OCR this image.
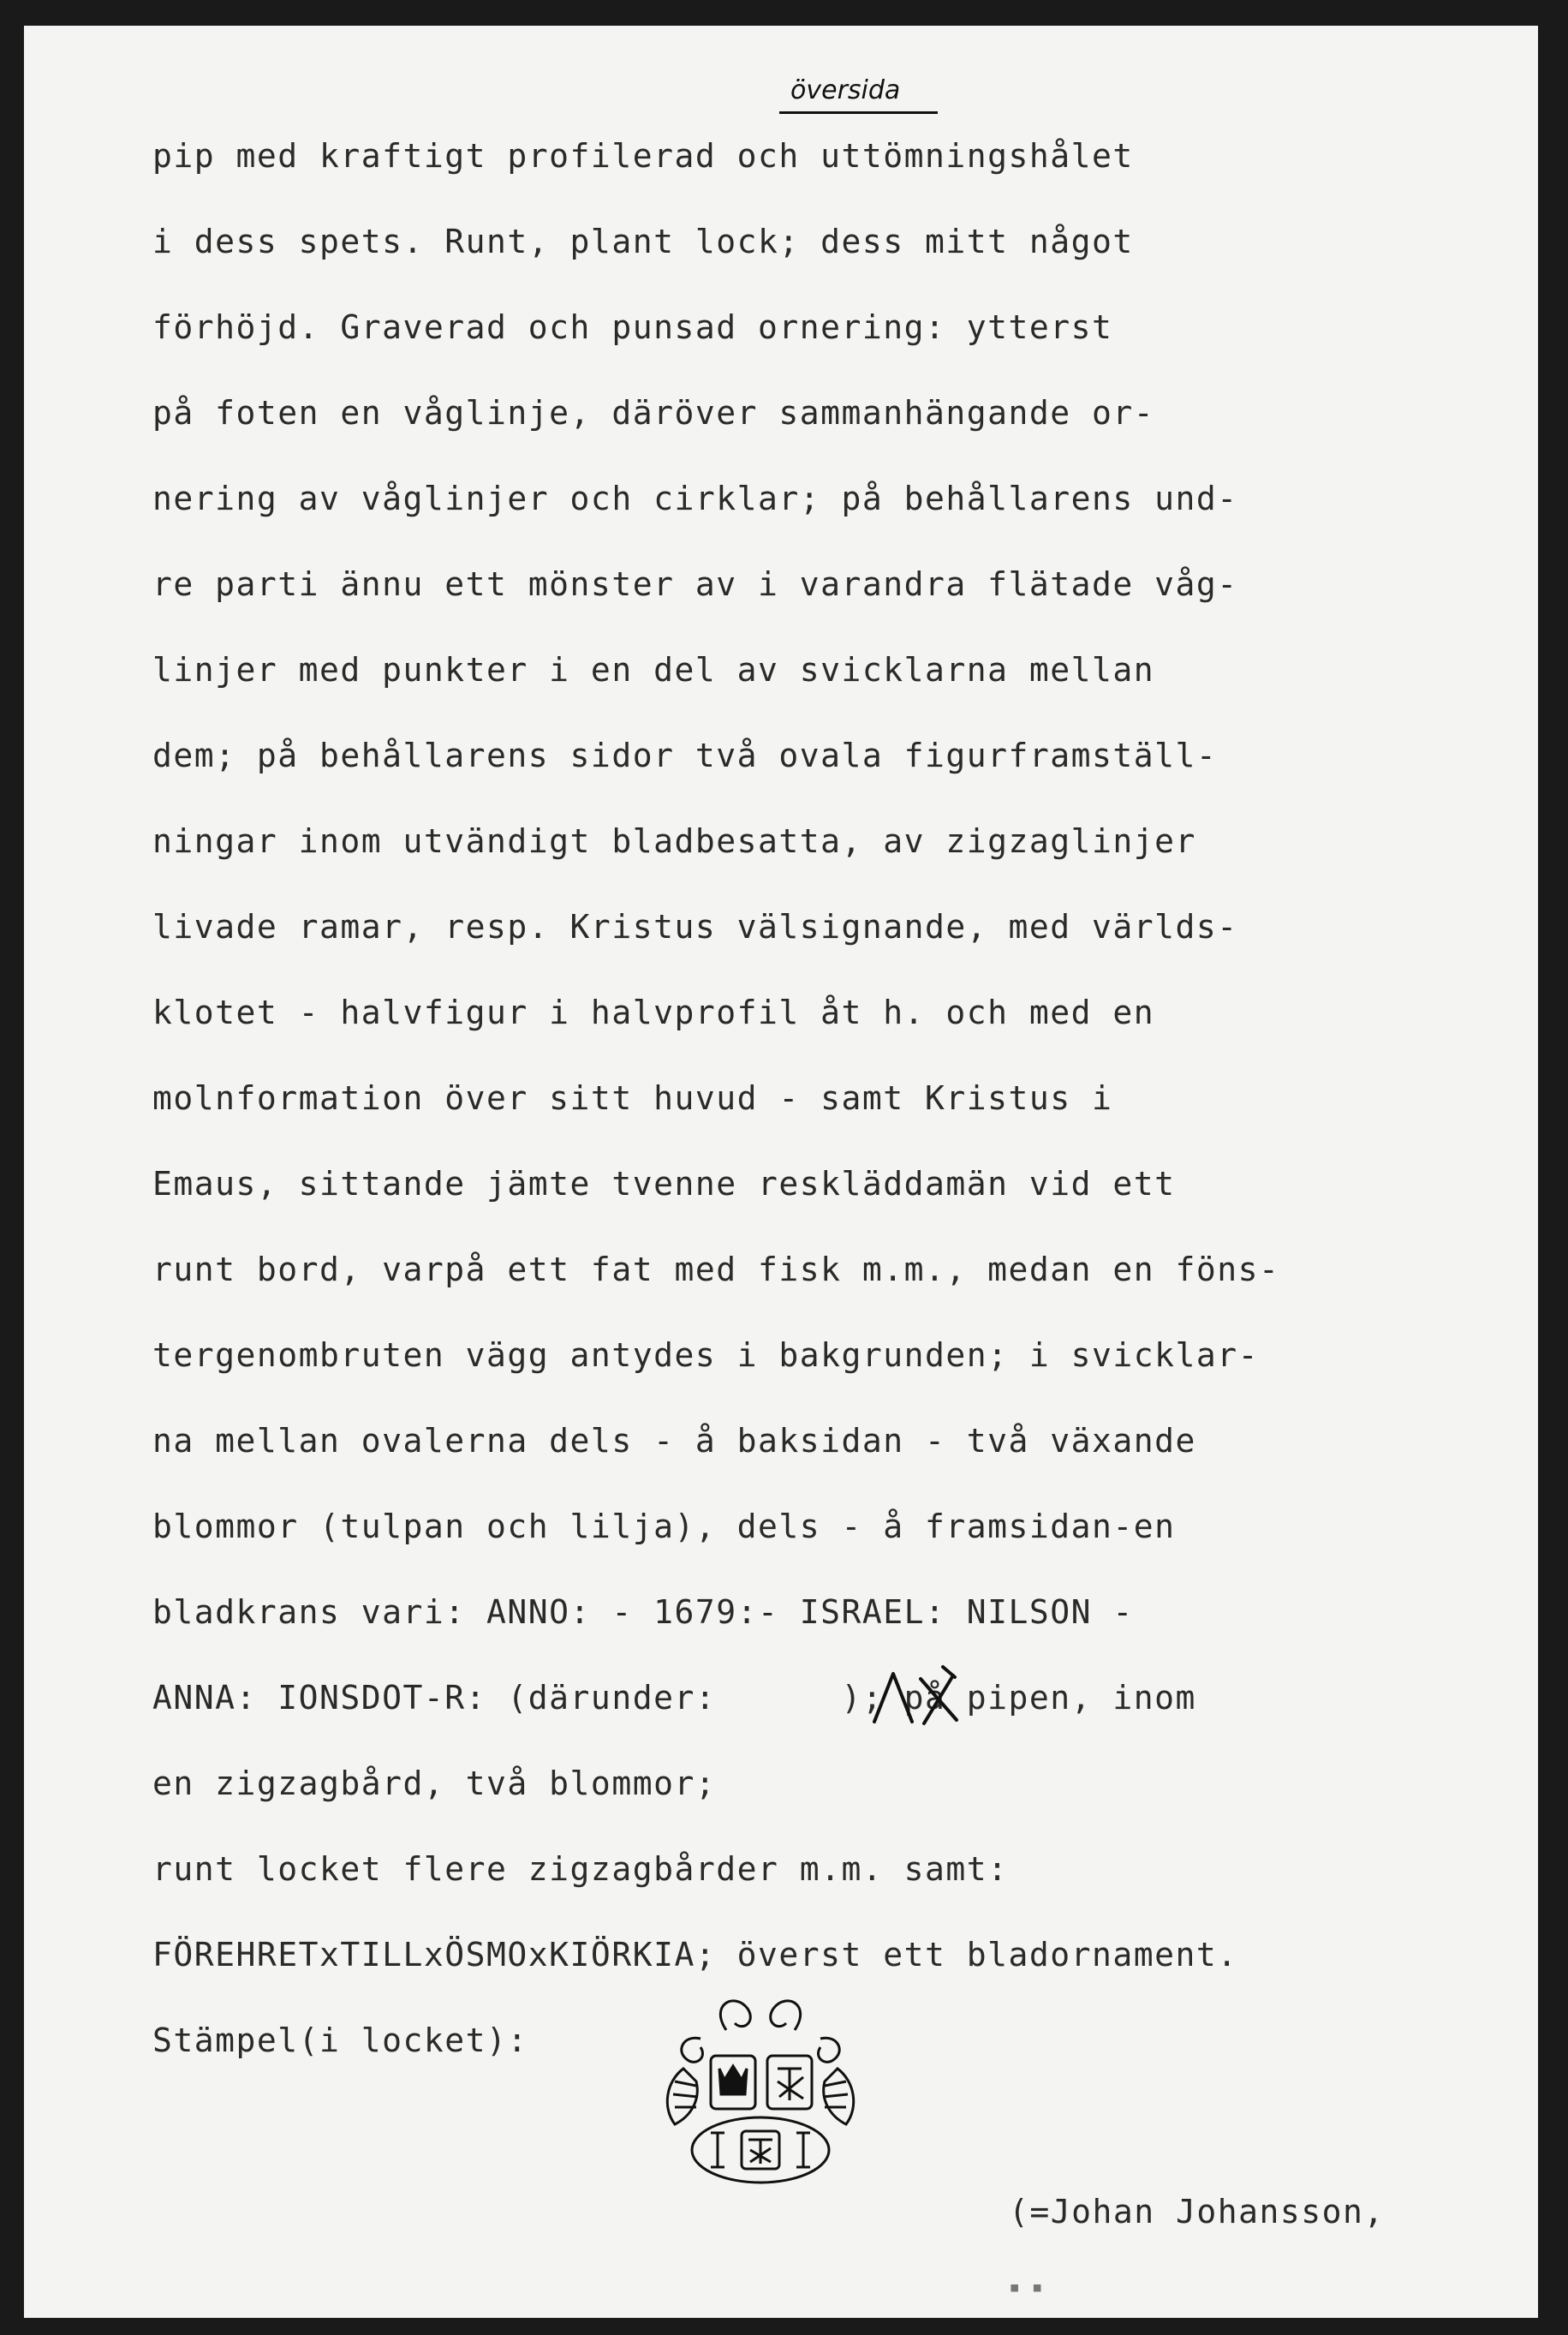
översida
pip med kraftigt profilerad och uttömningshålet
i dess spets. Runt, plant lock; dess mitt något
förhöjd. Graverad och punsad ornering: ytterst
på foten en våglinje, däröver sammanhängande or-
nering av våglinjer och cirklar; på behållarens und-
re parti ännu ett mönster av i varandra flätade våg-
linjer med punkter i en del av svicklarna mellan
dem; på behållarens sidor två ovala figurframställ-
ningar inom utvändigt bladbesatta, av zigzaglinjer
livade ramar, resp. Kristus välsignande, med världs-
klotet - halvfigur i halvprofil åt h. och med en
molnformation över sitt huvud - samt Kristus i
Emaus, sittande jämte tvenne reskläddamän vid ett
runt bord, varpå ett fat med fisk m.m., medan en föns-
tergenombruten vägg antydes i bakgrunden; i svicklar-
na mellan ovalerna dels - å baksidan - två växande
blommor (tulpan och lilja), dels - å framsidan-en
bladkrans vari: ANNO: - 1679:- ISRAEL: NILSON -
ANNA: IONSDOT-R: (därunder:      ); på pipen, inom
en zigzagbård, två blommor;
runt locket flere zigzagbårder m.m. samt:
FÖREHRETxTILLxÖSMOxKIÖRKIA; överst ett bladornament.
Stämpel(i locket):
(=Johan Johansson,
▪ ▪
